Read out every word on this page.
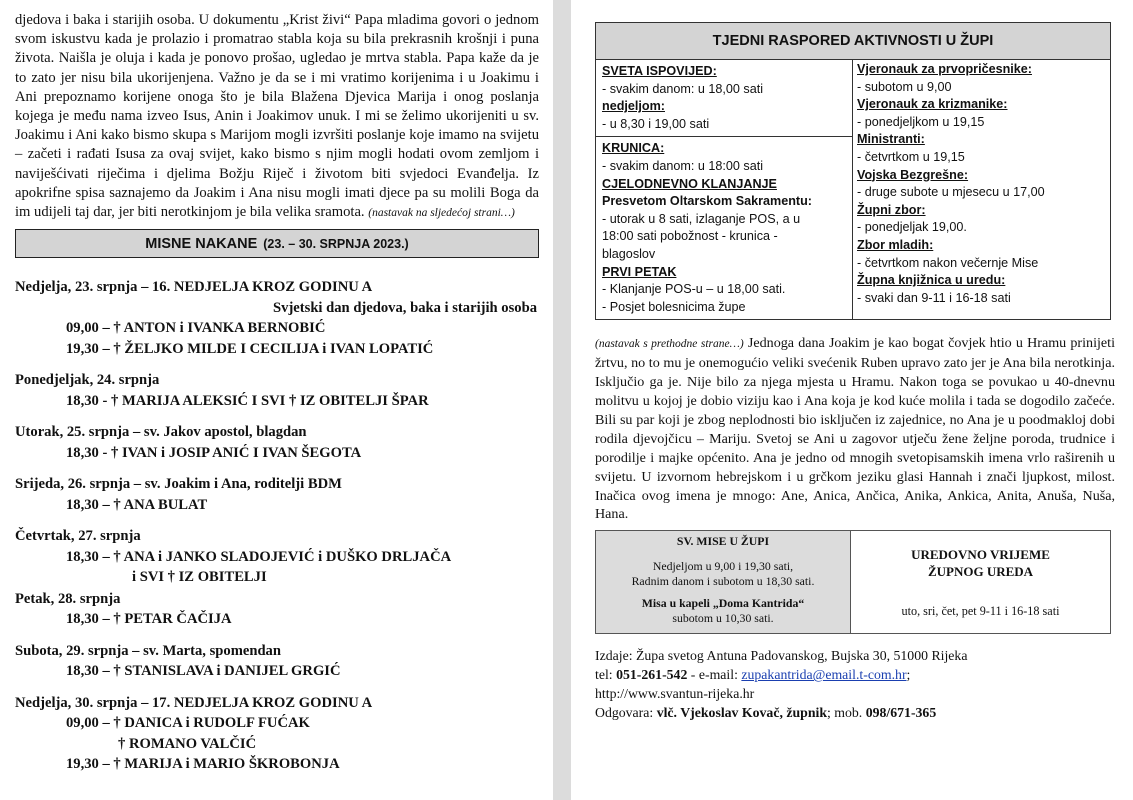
djedova i baka i starijih osoba. U dokumentu „Krist živi“ Papa mladima govori o jednom svom iskustvu kada je prolazio i promatrao stabla koja su bila prekrasnih krošnji i puna života. Naišla je oluja i kada je ponovo prošao, ugledao je mrtva stabla. Papa kaže da je to zato jer nisu bila ukorijenjena. Važno je da se i mi vratimo korijenima i u Joakimu i Ani prepoznamo korijene onoga što je bila Blažena Djevica Marija i onog poslanja kojega je među nama izveo Isus, Anin i Joakimov unuk. I mi se želimo ukorijeniti u sv. Joakimu i Ani kako bismo skupa s Marijom mogli izvršiti poslanje koje imamo na svijetu – začeti i rađati Isusa za ovaj svijet, kako bismo s njim mogli hodati ovom zemljom i naviješćivati riječima i djelima Božju Riječ i životom biti svjedoci Evanđelja. Iz apokrifne spisa saznajemo da Joakim i Ana nisu mogli imati djece pa su molili Boga da im udijeli taj dar, jer biti nerotkinjom je bila velika sramota. (nastavak na sljedećoj strani…)

MISNE NAKANE (23. – 30. SRPNJA 2023.)
Nedjelja, 23. srpnja – 16. NEDJELJA KROZ GODINU A
Svjetski dan djedova, baka i starijih osoba
09,00 – † ANTON i IVANKA BERNOBIĆ
19,30 – † ŽELJKO MILDE I CECILIJA i IVAN LOPATIĆ
Ponedjeljak, 24. srpnja
18,30 - † MARIJA ALEKSIĆ I SVI † IZ OBITELJI ŠPAR
Utorak, 25. srpnja – sv. Jakov apostol, blagdan
18,30 - † IVAN i JOSIP ANIĆ I IVAN ŠEGOTA
Srijeda, 26. srpnja – sv. Joakim i Ana, roditelji BDM
18,30 – † ANA BULAT
Četvrtak, 27. srpnja
18,30 – † ANA i JANKO SLADOJEVIĆ i DUŠKO DRLJAČA
i SVI † IZ OBITELJI
Petak, 28. srpnja
18,30 – † PETAR ČAČIJA
Subota, 29. srpnja – sv. Marta, spomendan
18,30 – † STANISLAVA i DANIJEL GRGIĆ
Nedjelja, 30. srpnja – 17. NEDJELJA KROZ GODINU A
09,00 – † DANICA i RUDOLF FUĆAK
† ROMANO VALČIĆ
19,30 – † MARIJA i MARIO ŠKROBONJA
TJEDNI RASPORED AKTIVNOSTI U ŽUPI
SVETA ISPOVIJED:
- svakim danom: u 18,00 sati
nedjeljom:
- u 8,30 i 19,00 sati
KRUNICA:
- svakim danom: u 18:00 sati
CJELODNEVNO KLANJANJE
Presvetom Oltarskom Sakramentu:
- utorak u 8 sati, izlaganje POS, a u
18:00 sati pobožnost - krunica -
blagoslov
PRVI PETAK
- Klanjanje POS-u – u 18,00 sati.
- Posjet bolesnicima župe
Vjeronauk za prvopričesnike:
- subotom u 9,00
Vjeronauk za krizmanike:
- ponedjeljkom u 19,15
Ministranti:
- četvrtkom u 19,15
Vojska Bezgrešne:
- druge subote u mjesecu u 17,00
Župni zbor:
- ponedjeljak 19,00.
Zbor mladih:
- četvrtkom nakon večernje Mise
Župna knjižnica u uredu:
- svaki dan 9-11 i 16-18 sati

(nastavak s prethodne strane…) Jednoga dana Joakim je kao bogat čovjek htio u Hramu prinijeti žrtvu, no to mu je onemogućio veliki svećenik Ruben upravo zato jer je Ana bila nerotkinja. Isključio ga je. Nije bilo za njega mjesta u Hramu. Nakon toga se povukao u 40-dnevnu molitvu u kojoj je dobio viziju kao i Ana koja je kod kuće molila i tada se dogodilo začeće. Bili su par koji je zbog neplodnosti bio isključen iz zajednice, no Ana je u poodmakloj dobi rodila djevojčicu – Mariju. Svetoj se Ani u zagovor utječu žene željne poroda, trudnice i porodilje i majke općenito. Ana je jedno od mnogih svetopisamskih imena vrlo raširenih u svijetu. U izvornom hebrejskom i u grčkom jeziku glasi Hannah i znači ljupkost, milost. Inačica ovog imena je mnogo: Ane, Anica, Ančica, Anika, Ankica, Anita, Anuša, Nuša, Hana.

SV. MISE U ŽUPI
Nedjeljom u 9,00 i 19,30 sati,
Radnim danom i subotom u 18,30 sati.
Misa u kapeli „Doma Kantrida“
subotom u 10,30 sati.
UREDOVNO VRIJEME
ŽUPNOG UREDA
uto, sri, čet, pet 9-11 i 16-18 sati
Izdaje: Župa svetog Antuna Padovanskog, Bujska 30, 51000 Rijeka
tel: 051-261-542 - e-mail: zupakantrida@email.t-com.hr;
http://www.svantun-rijeka.hr
Odgovara: vlč. Vjekoslav Kovač, župnik; mob. 098/671-365
